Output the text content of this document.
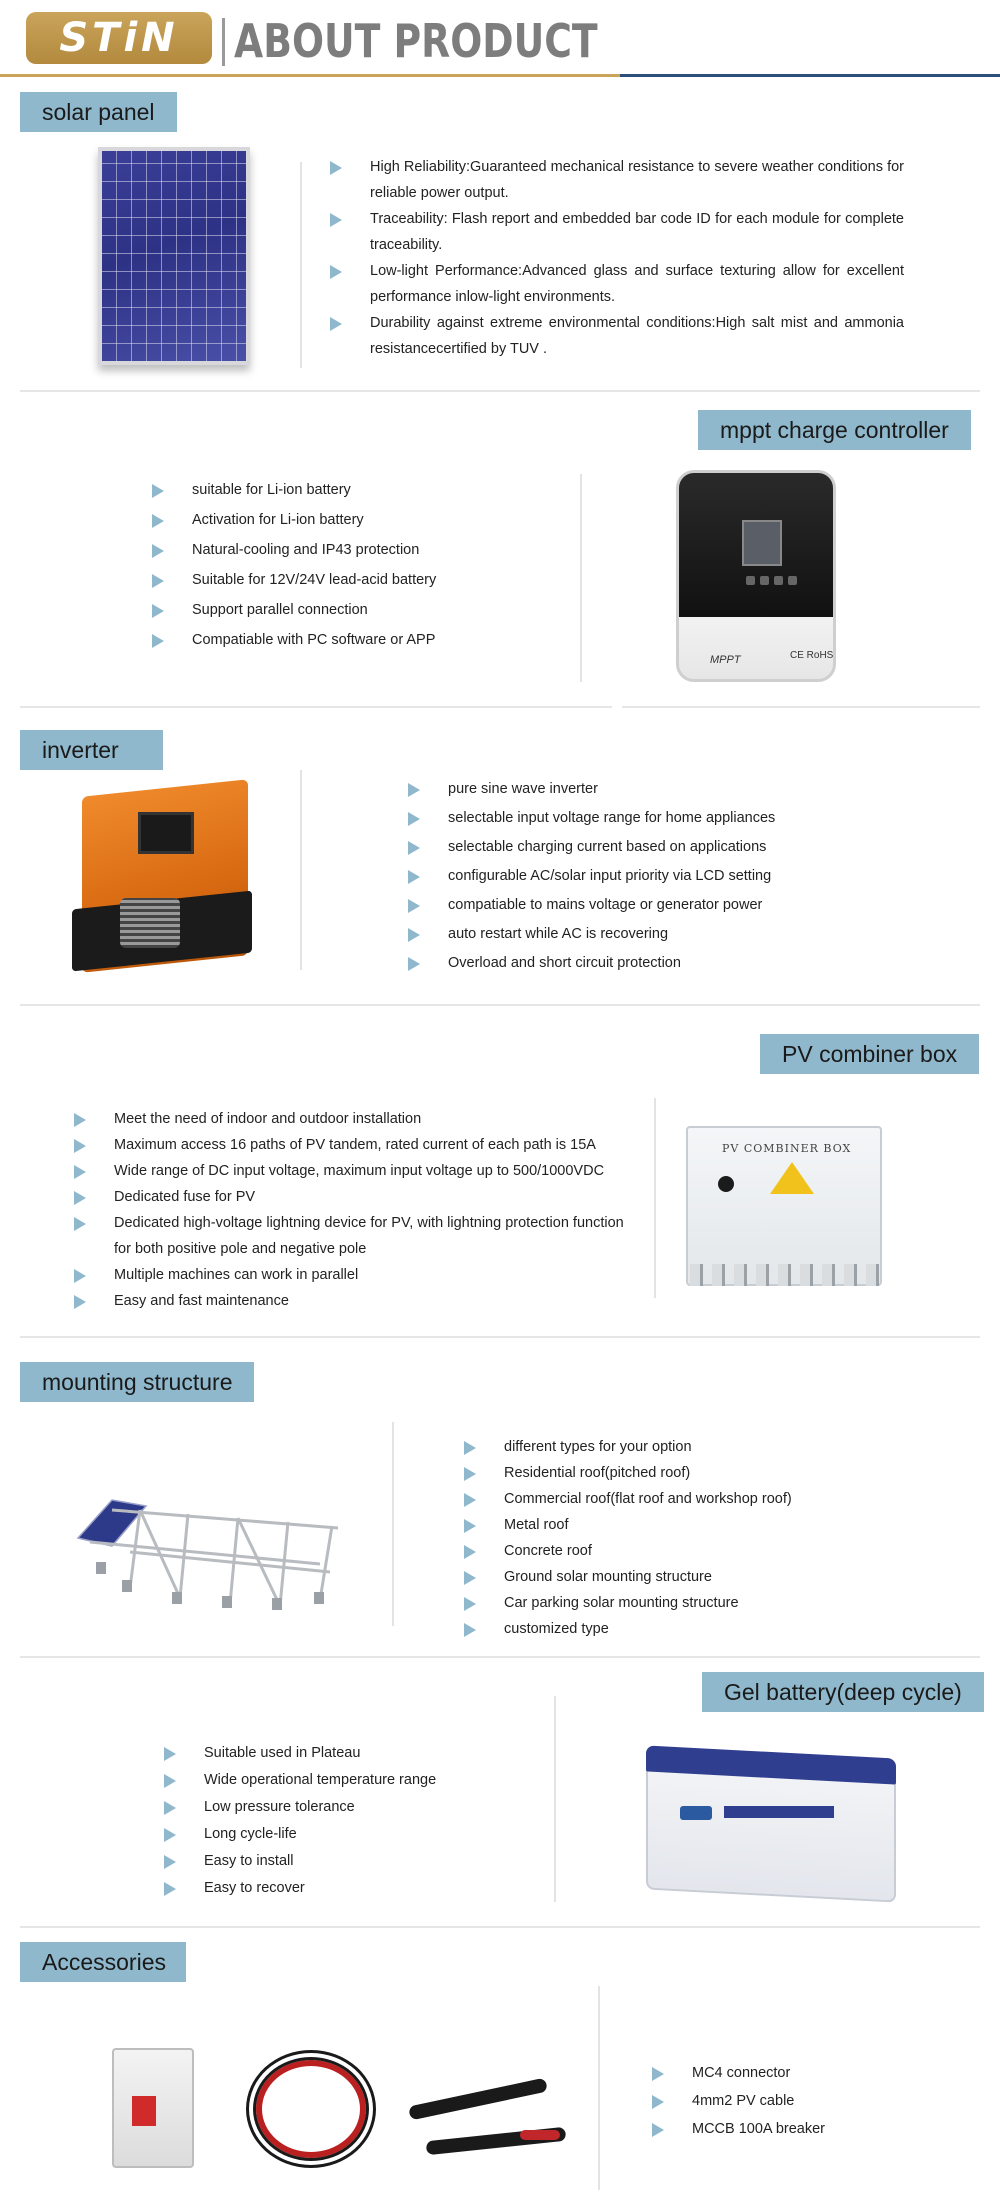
STiN ABOUT PRODUCT
solar panel
High Reliability:Guaranteed mechanical resistance to severe weather conditions for reliable power output.
Traceability: Flash report and embedded bar code ID for each module for complete traceability.
Low-light Performance:Advanced glass and surface texturing allow for excellent performance inlow-light environments.
Durability against extreme environmental conditions:High salt mist and ammonia resistancecertified by TUV .
mppt charge controller
suitable for Li-ion battery
Activation for Li-ion battery
Natural-cooling and IP43 protection
Suitable for 12V/24V lead-acid battery
Support parallel connection
Compatiable with PC software or APP
MPPT	CE RoHS
inverter
pure sine wave inverter
selectable input voltage range for home appliances
selectable charging current based on applications
configurable AC/solar input priority via LCD setting
compatiable to mains voltage or generator power
auto restart while AC is recovering
Overload and short circuit protection
PV combiner box
Meet the need of indoor and outdoor installation
Maximum access 16 paths of PV tandem, rated current of each path is 15A
Wide range of DC input voltage, maximum input voltage up to 500/1000VDC
Dedicated fuse for PV
Dedicated high-voltage lightning device for PV, with lightning protection function for both positive pole and negative pole
Multiple machines can work in parallel
Easy and fast maintenance
PV COMBINER BOX
mounting structure
different types for your option
Residential roof(pitched roof)
Commercial roof(flat roof and workshop roof)
Metal roof
Concrete roof
Ground solar mounting structure
Car parking solar mounting structure
customized type
Gel battery(deep cycle)
Suitable used in Plateau
Wide operational temperature range
Low pressure tolerance
Long cycle-life
Easy to install
Easy to recover
Accessories
MC4 connector
4mm2 PV cable
MCCB 100A breaker
